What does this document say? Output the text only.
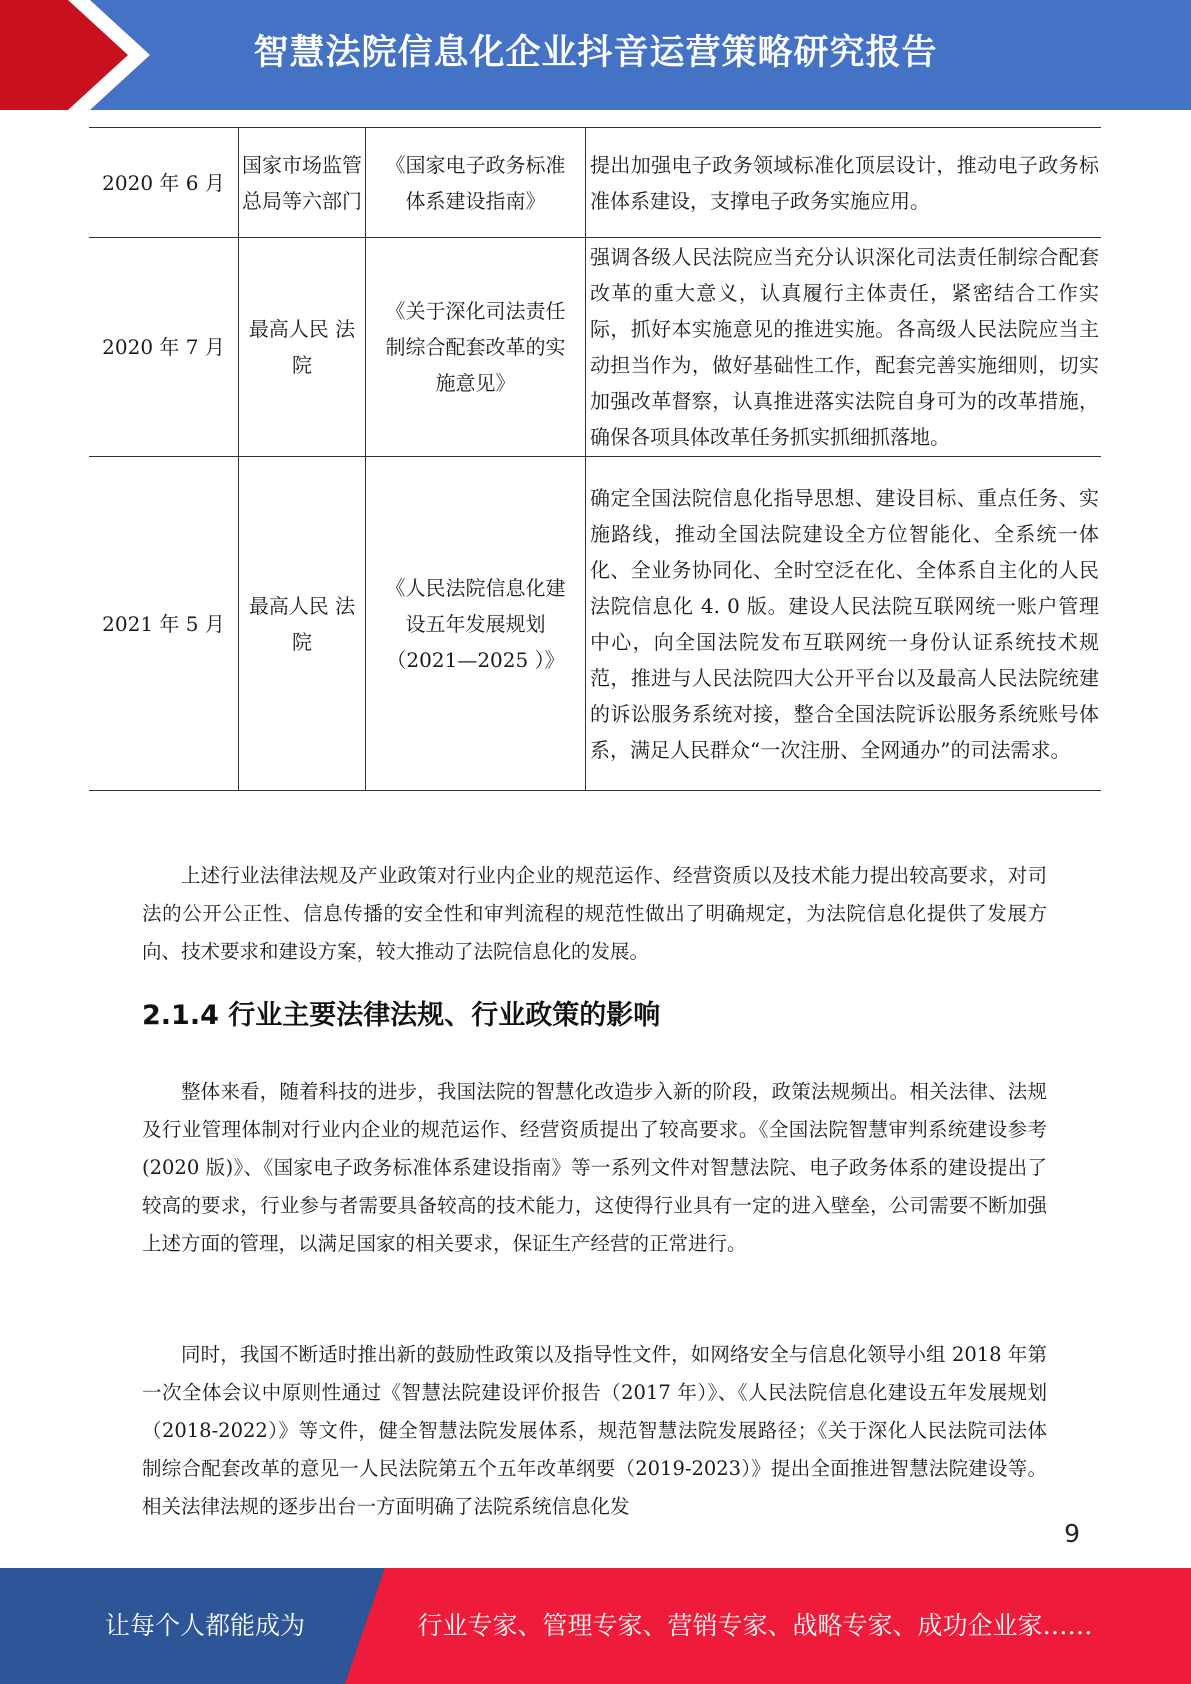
智慧法院信息化企业抖音运营策略研究报告
2020 年 6 月	国家市场监管总局等六部门	《国家电子政务标准体系建设指南》	提出加强电子政务领域标准化顶层设计，推动电子政务标准体系建设，支撑电子政务实施应用。
2020 年 7 月	最高人民 法院	《关于深化司法责任制综合配套改革的实施意见》	强调各级人民法院应当充分认识深化司法责任制综合配套改革的重大意义，认真履行主体责任，紧密结合工作实际，抓好本实施意见的推进实施。各高级人民法院应当主动担当作为，做好基础性工作，配套完善实施细则，切实加强改革督察，认真推进落实法院自身可为的改革措施，确保各项具体改革任务抓实抓细抓落地。
2021 年 5 月	最高人民 法院	《人民法院信息化建设五年发展规划（2021—2025 ）》	确定全国法院信息化指导思想、建设目标、重点任务、实施路线，推动全国法院建设全方位智能化、全系统一体化、全业务协同化、全时空泛在化、全体系自主化的人民法院信息化 4. 0 版。建设人民法院互联网统一账户管理中心，向全国法院发布互联网统一身份认证系统技术规范，推进与人民法院四大公开平台以及最高人民法院统建的诉讼服务系统对接，整合全国法院诉讼服务系统账号体系，满足人民群众“一次注册、全网通办”的司法需求。

上述行业法律法规及产业政策对行业内企业的规范运作、经营资质以及技术能力提出较高要求，对司法的公开公正性、信息传播的安全性和审判流程的规范性做出了明确规定，为法院信息化提供了发展方向、技术要求和建设方案，较大推动了法院信息化的发展。

2.1.4 行业主要法律法规、行业政策的影响

整体来看，随着科技的进步，我国法院的智慧化改造步入新的阶段，政策法规频出。相关法律、法规及行业管理体制对行业内企业的规范运作、经营资质提出了较高要求。《全国法院智慧审判系统建设参考(2020 版)》、《国家电子政务标准体系建设指南》等一系列文件对智慧法院、电子政务体系的建设提出了较高的要求，行业参与者需要具备较高的技术能力，这使得行业具有一定的进入壁垒，公司需要不断加强上述方面的管理，以满足国家的相关要求，保证生产经营的正常进行。

同时，我国不断适时推出新的鼓励性政策以及指导性文件，如网络安全与信息化领导小组 2018 年第一次全体会议中原则性通过《智慧法院建设评价报告（2017 年）》、《人民法院信息化建设五年发展规划（2018-2022）》等文件，健全智慧法院发展体系，规范智慧法院发展路径；《关于深化人民法院司法体制综合配套改革的意见一人民法院第五个五年改革纲要（2019-2023）》提出全面推进智慧法院建设等。相关法律法规的逐步出台一方面明确了法院系统信息化发

9
让每个人都能成为	行业专家、管理专家、营销专家、战略专家、成功企业家……
